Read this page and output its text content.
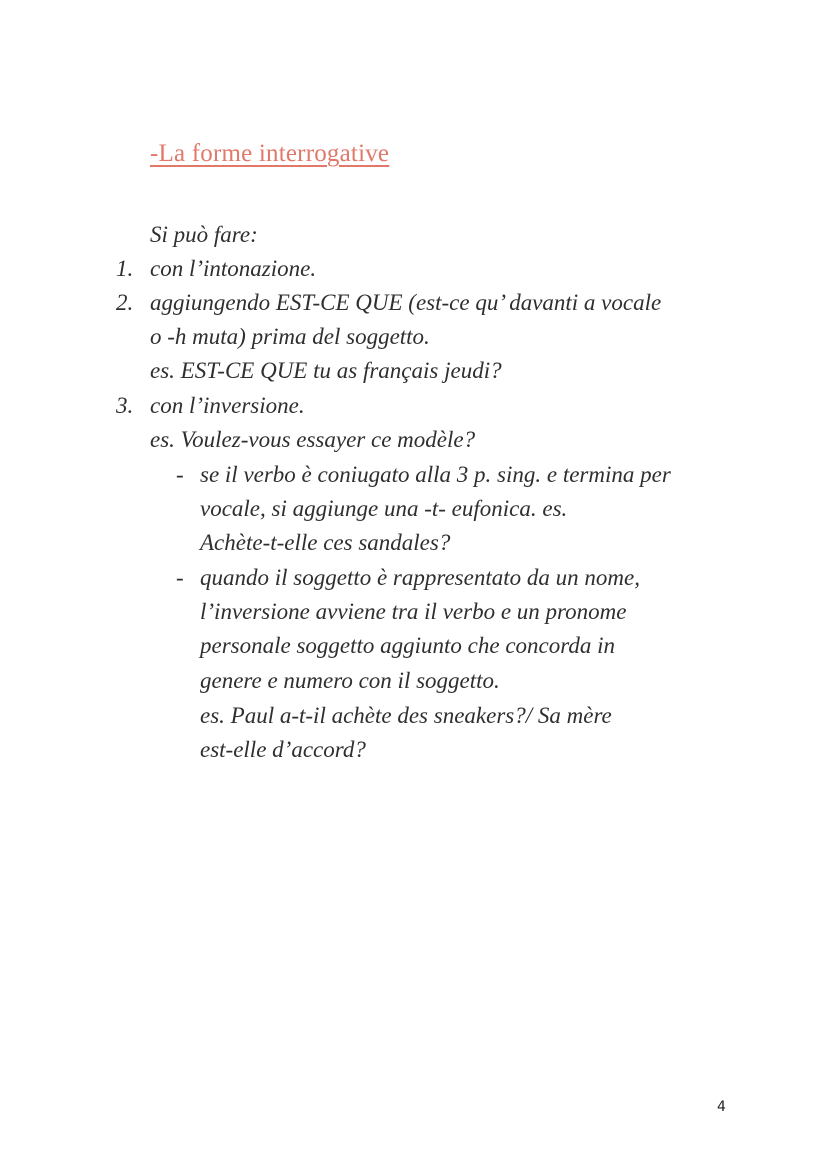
-La forme interrogative
Si può fare:
1. con l’intonazione.
2. aggiungendo EST-CE QUE (est-ce qu’ davanti a vocale
o -h muta) prima del soggetto.
es. EST-CE QUE tu as français jeudi?
3. con l’inversione.
es. Voulez-vous essayer ce modèle?
- se il verbo è coniugato alla 3 p. sing. e termina per
vocale, si aggiunge una -t- eufonica. es.
Achète-t-elle ces sandales?
- quando il soggetto è rappresentato da un nome,
l’inversione avviene tra il verbo e un pronome
personale soggetto aggiunto che concorda in
genere e numero con il soggetto.
es. Paul a-t-il achète des sneakers?/ Sa mère
est-elle d’accord?
4
